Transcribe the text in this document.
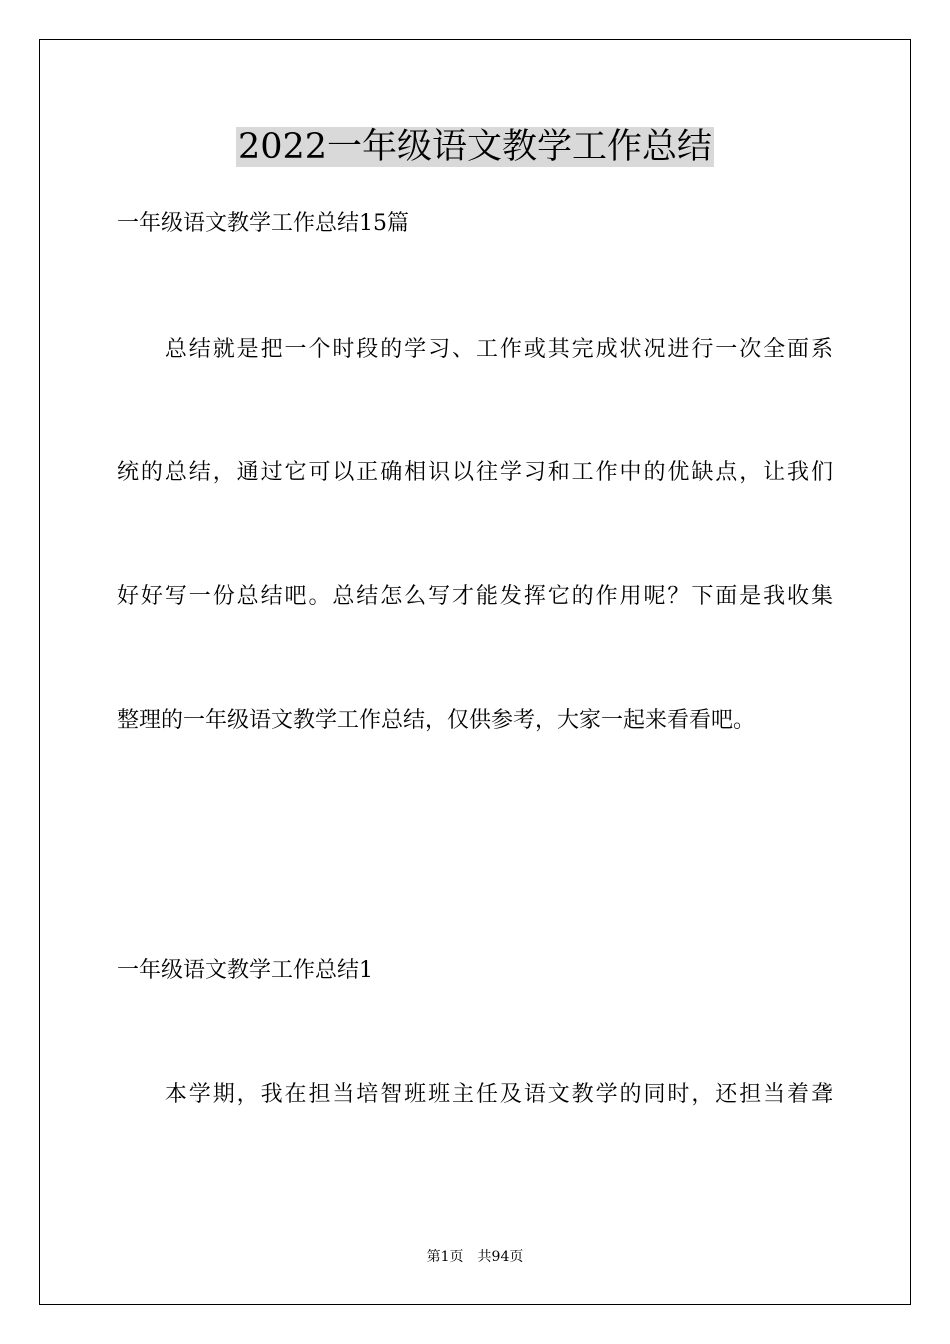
2022一年级语文教学工作总结
一年级语文教学工作总结15篇
　　总结就是把一个时段的学习、工作或其完成状况进行一次全面系
统的总结，通过它可以正确相识以往学习和工作中的优缺点，让我们
好好写一份总结吧。总结怎么写才能发挥它的作用呢？下面是我收集
整理的一年级语文教学工作总结，仅供参考，大家一起来看看吧。
一年级语文教学工作总结1
　　本学期，我在担当培智班班主任及语文教学的同时，还担当着聋
第1页　共94页
